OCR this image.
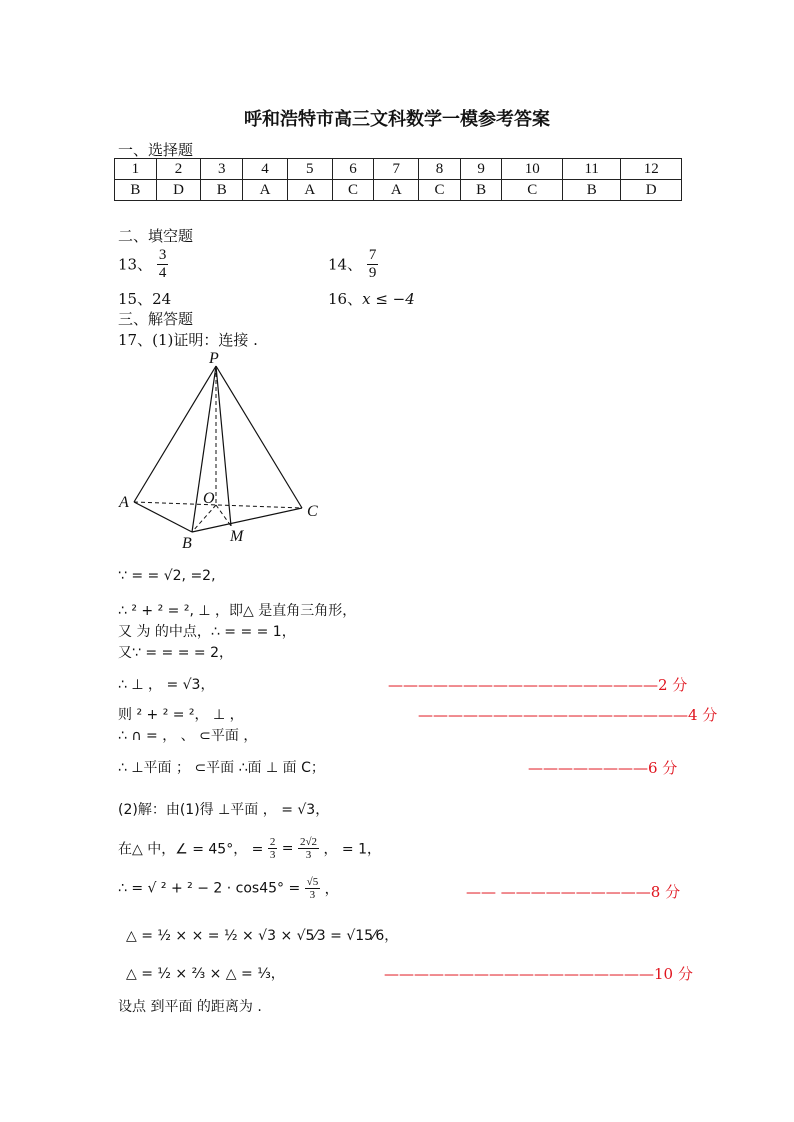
呼和浩特市高三文科数学一模参考答案
一、选择题
1	2	3	4	5	6	7	8	9	10	11	12
B	D	B	A	A	C	A	C	B	C	B	D
二、填空题
13、 $\frac{3}{4}$	14、 $\frac{7}{9}$
15、24	16、x ≤ −4
三、解答题
17、(1)证明：连接 .
P
A	O
C
B M
∵ = = √2, =2,
∴ ² + ² = ², ⊥ ，即△ 是直角三角形，
又 为 的中点，∴ = = = 1，
又∵ = = = = 2，
∴ ⊥ ， = √3，	——————————————————2 分
则 ² + ² = ²， ⊥ ，	——————————————————4 分
∴ ∩ = ， 、 ⊂平面 ，
∴ ⊥平面 ； ⊂平面 ∴面 ⊥ 面 C；	————————6 分
(2)解：由(1)得 ⊥平面 ， = √3，
在△ 中，∠ = 45°， = $\frac{2}{3} = \frac{2√2}{3}$ ， = 1，
∴ = √ $^2 + ^2 - 2 \cdot \cos 45^\circ = \frac{√5}{3}$ ，	—— ——————————8 分
△ = ½ × × = ½ × √3 × √5⁄3 = √15⁄6，
△ = ½ × ⅔ × △ = ⅓，	——————————————————10 分
设点 到平面 的距离为 .
